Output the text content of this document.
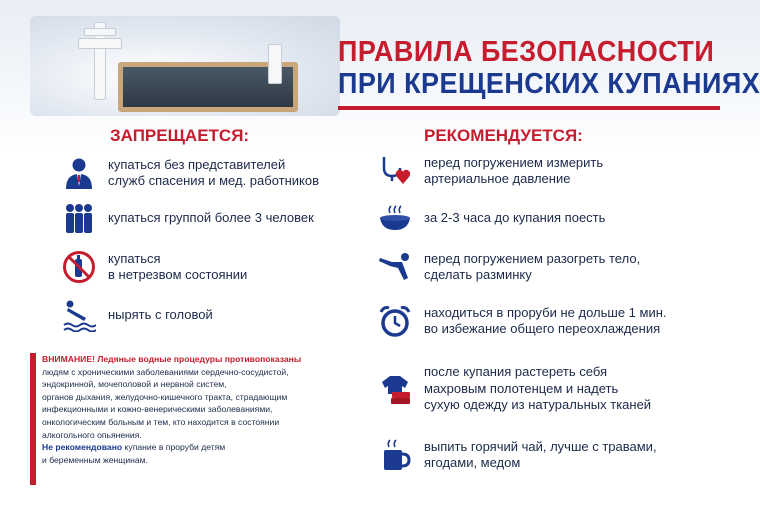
ПРАВИЛА БЕЗОПАСНОСТИ
ПРИ КРЕЩЕНСКИХ КУПАНИЯХ
ЗАПРЕЩАЕТСЯ:
купаться без представителей
служб спасения и мед. работников
купаться группой более 3 человек
купаться
в нетрезвом состоянии
нырять с головой

ВНИМАНИЕ! Ледяные водные процедуры противопоказаны

людям с хроническими заболеваниями сердечно-сосудистой,

эндокринной, мочеполовой и нервной систем,

органов дыхания, желудочно-кишечного тракта, страдающим

инфекционными и кожно-венерическими заболеваниями,

онкологическим больным и тем, кто находится в состоянии

алкогольного опьянения.

Не рекомендовано купание в проруби детям

и беременным женщинам.

РЕКОМЕНДУЕТСЯ:
перед погружением измерить
артериальное давление
за 2-3 часа до купания поесть
перед погружением разогреть тело,
сделать разминку
находиться в проруби не дольше 1 мин.
во избежание общего переохлаждения
после купания растереть себя
махровым полотенцем и надеть
сухую одежду из натуральных тканей
выпить горячий чай, лучше с травами,
ягодами, медом
